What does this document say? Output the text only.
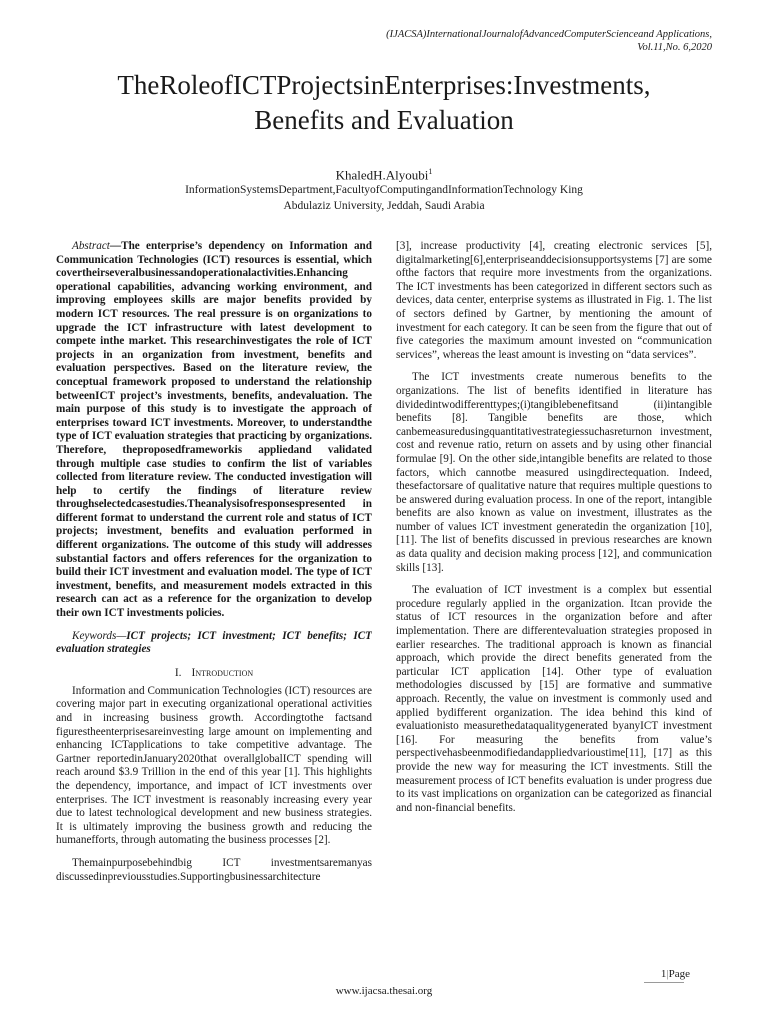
(IJACSA)InternationalJournalofAdvancedComputerScienceand Applications,
Vol.11,No. 6,2020
TheRoleofICTProjectsinEnterprises:Investments,
Benefits and Evaluation
KhaledH.Alyoubi$^1$
InformationSystemsDepartment,FacultyofComputingandInformationTechnology King
Abdulaziz University, Jeddah, Saudi Arabia

Abstract—The enterprise’s dependency on Information and Communication Technologies (ICT) resources is essential, which covertheirseveralbusinessandoperationalactivities.Enhancing operational capabilities, advancing working environment, and improving employees skills are major benefits provided by modern ICT resources. The real pressure is on organizations to upgrade the ICT infrastructure with latest development to compete inthe market. This researchinvestigates the role of ICT projects in an organization from investment, benefits and evaluation perspectives. Based on the literature review, the conceptual framework proposed to understand the relationship betweenICT project’s investments, benefits, andevaluation. The main purpose of this study is to investigate the approach of enterprises toward ICT investments. Moreover, to understandthe type of ICT evaluation strategies that practicing by organizations. Therefore, theproposedframeworkis appliedand validated through multiple case studies to confirm the list of variables collected from literature review. The conducted investigation will help to certify the findings of literature review throughselectedcasestudies.Theanalysisofresponsespresented in different format to understand the current role and status of ICT projects; investment, benefits and evaluation performed in different organizations. The outcome of this study will addresses substantial factors and offers references for the organization to build their ICT investment and evaluation model. The type of ICT investment, benefits, and measurement models extracted in this research can act as a reference for the organization to develop their own ICT investments policies.

Keywords—ICT projects; ICT investment; ICT benefits; ICT evaluation strategies

I. Introduction

Information and Communication Technologies (ICT) resources are covering major part in executing organizational operational activities and in increasing business growth. Accordingtothe factsand figurestheenterprisesareinvesting large amount on implementing and enhancing ICTapplications to take competitive advantage. The Gartner reportedinJanuary2020that overallglobalICT spending will reach around $3.9 Trillion in the end of this year [1]. This highlights the dependency, importance, and impact of ICT investments over enterprises. The ICT investment is reasonably increasing every year due to latest technological development and new business strategies. It is ultimately improving the business growth and reducing the humanefforts, through automating the business processes [2].

Themainpurposebehindbig ICT investmentsaremanyas discussedinpreviousstudies.Supportingbusinessarchitecture

[3], increase productivity [4], creating electronic services [5], digitalmarketing[6],enterpriseanddecisionsupportsystems [7] are some ofthe factors that require more investments from the organizations. The ICT investments has been categorized in different sectors such as devices, data center, enterprise systems as illustrated in Fig. 1. The list of sectors defined by Gartner, by mentioning the amount of investment for each category. It can be seen from the figure that out of five categories the maximum amount invested on “communication services”, whereas the least amount is investing on “data services”.

The ICT investments create numerous benefits to the organizations. The list of benefits identified in literature has dividedintwodifferenttypes;(i)tangiblebenefitsand (ii)intangible benefits [8]. Tangible benefits are those, which canbemeasuredusingquantitativestrategiessuchasreturnon investment, cost and revenue ratio, return on assets and by using other financial formulae [9]. On the other side,intangible benefits are related to those factors, which cannotbe measured usingdirectequation. Indeed, thesefactorsare of qualitative nature that requires multiple questions to be answered during evaluation process. In one of the report, intangible benefits are also known as value on investment, illustrates as the number of values ICT investment generatedin the organization [10], [11]. The list of benefits discussed in previous researches are known as data quality and decision making process [12], and communication skills [13].

The evaluation of ICT investment is a complex but essential procedure regularly applied in the organization. Itcan provide the status of ICT resources in the organization before and after implementation. There are differentevaluation strategies proposed in earlier researches. The traditional approach is known as financial approach, which provide the direct benefits generated from the particular ICT application [14]. Other type of evaluation methodologies discussed by [15] are formative and summative approach. Recently, the value on investment is commonly used and applied bydifferent organization. The idea behind this kind of evaluationisto measurethedataqualitygenerated byanyICT investment [16]. For measuring the benefits from value’s perspectivehasbeenmodifiedandappliedvarioustime[11], [17] as this provide the new way for measuring the ICT investments. Still the measurement process of ICT benefits evaluation is under progress due to its vast implications on organization can be categorized as financial and non-financial benefits.

1|Page
www.ijacsa.thesai.org
